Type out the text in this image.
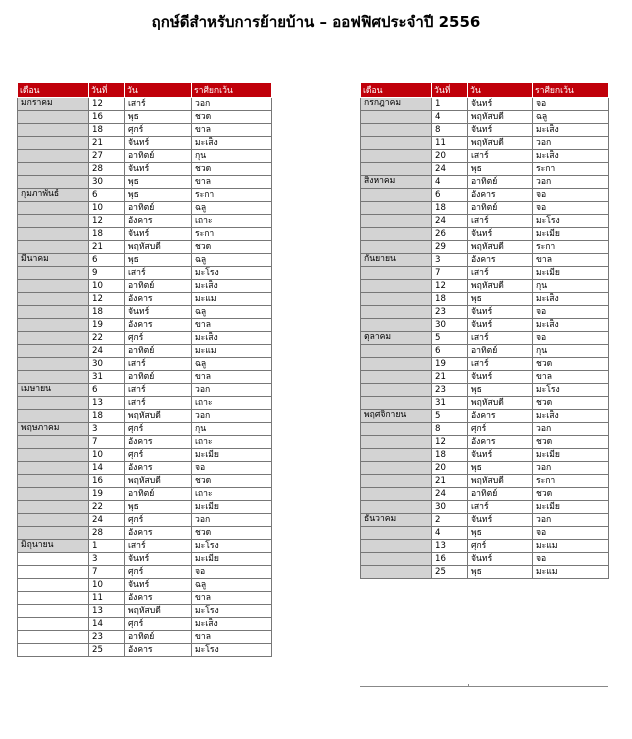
ฤกษ์ดีสำหรับการย้ายบ้าน – ออฟฟิศประจำปี 2556
เดือน	วันที่	วัน	ราศียกเว้น
มกราคม	12	เสาร์	วอก
	16	พุธ	ชวด
	18	ศุกร์	ขาล
	21	จันทร์	มะเส็ง
	27	อาทิตย์	กุน
	28	จันทร์	ชวด
	30	พุธ	ขาล
กุมภาพันธ์	6	พุธ	ระกา
	10	อาทิตย์	ฉลู
	12	อังคาร	เถาะ
	18	จันทร์	ระกา
	21	พฤหัสบดี	ชวด
มีนาคม	6	พุธ	ฉลู
	9	เสาร์	มะโรง
	10	อาทิตย์	มะเส็ง
	12	อังคาร	มะแม
	18	จันทร์	ฉลู
	19	อังคาร	ขาล
	22	ศุกร์	มะเส็ง
	24	อาทิตย์	มะแม
	30	เสาร์	ฉลู
	31	อาทิตย์	ขาล
เมษายน	6	เสาร์	วอก
	13	เสาร์	เถาะ
	18	พฤหัสบดี	วอก
พฤษภาคม	3	ศุกร์	กุน
	7	อังคาร	เถาะ
	10	ศุกร์	มะเมีย
	14	อังคาร	จอ
	16	พฤหัสบดี	ชวด
	19	อาทิตย์	เถาะ
	22	พุธ	มะเมีย
	24	ศุกร์	วอก
	28	อังคาร	ชวด
มิถุนายน	1	เสาร์	มะโรง
	3	จันทร์	มะเมีย
	7	ศุกร์	จอ
	10	จันทร์	ฉลู
	11	อังคาร	ขาล
	13	พฤหัสบดี	มะโรง
	14	ศุกร์	มะเส็ง
	23	อาทิตย์	ขาล
	25	อังคาร	มะโรง
เดือน	วันที่	วัน	ราศียกเว้น
กรกฎาคม	1	จันทร์	จอ
	4	พฤหัสบดี	ฉลู
	8	จันทร์	มะเส็ง
	11	พฤหัสบดี	วอก
	20	เสาร์	มะเส็ง
	24	พุธ	ระกา
สิงหาคม	4	อาทิตย์	วอก
	6	อังคาร	จอ
	18	อาทิตย์	จอ
	24	เสาร์	มะโรง
	26	จันทร์	มะเมีย
	29	พฤหัสบดี	ระกา
กันยายน	3	อังคาร	ขาล
	7	เสาร์	มะเมีย
	12	พฤหัสบดี	กุน
	18	พุธ	มะเส็ง
	23	จันทร์	จอ
	30	จันทร์	มะเส็ง
ตุลาคม	5	เสาร์	จอ
	6	อาทิตย์	กุน
	19	เสาร์	ชวด
	21	จันทร์	ขาล
	23	พุธ	มะโรง
	31	พฤหัสบดี	ชวด
พฤศจิกายน	5	อังคาร	มะเส็ง
	8	ศุกร์	วอก
	12	อังคาร	ชวด
	18	จันทร์	มะเมีย
	20	พุธ	วอก
	21	พฤหัสบดี	ระกา
	24	อาทิตย์	ชวด
	30	เสาร์	มะเมีย
ธันวาคม	2	จันทร์	วอก
	4	พุธ	จอ
	13	ศุกร์	มะแม
	16	จันทร์	จอ
	25	พุธ	มะแม
